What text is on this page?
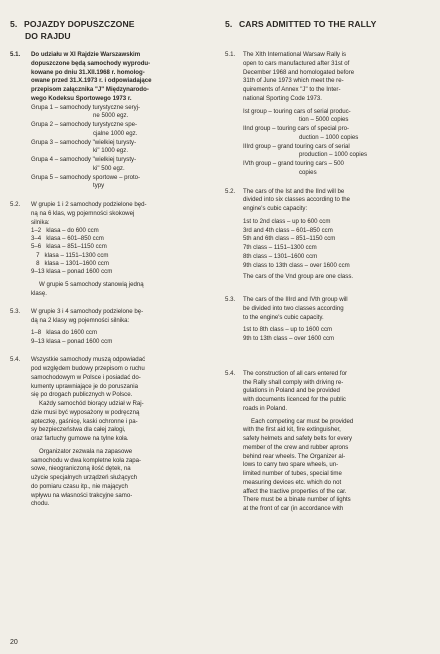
5. POJAZDY DOPUSZCZONE
DO RAJDU
5.1. Do udziału w XI Rajdzie Warszawskim
dopuszczone będą samochody wyprodu-
kowane po dniu 31.XII.1968 r. homolog-
owane przed 31.X.1973 r. i odpowiadające
przepisom załącznika "J" Międzynarodo-
wego Kodeksu Sportowego 1973 r.
Grupa 1 – samochody turystyczne seryj-
ne 5000 egz.
Grupa 2 – samochody turystyczne spe-
cjalne 1000 egz.
Grupa 3 – samochody "wielkiej turysty-
ki" 1000 egz.
Grupa 4 – samochody "wielkiej turysty-
ki" 500 egz.
Grupa 5 – samochody sportowe – proto-
typy
5.2. W grupie 1 i 2 samochody podzielone będ-
ną na 6 klas, wg pojemności skokowej
silnika:
1–2   klasa – do 600 ccm
3–4   klasa – 601–850 ccm
5–6   klasa – 851–1150 ccm
7   klasa – 1151–1300 ccm
8   klasa – 1301–1600 ccm
9–13 klasa – ponad 1600 ccm
W grupie 5 samochody stanowią jedną
klasę.
5.3. W grupie 3 i 4 samochody podzielone bę-
dą na 2 klasy wg pojemności silnika:
1–8   klasa do 1600 ccm
9–13 klasa – ponad 1600 ccm
5.4. Wszystkie samochody muszą odpowiadać
pod względem budowy przepisom o ruchu
samochodowym w Polsce i posiadać do-
kumenty uprawniające je do poruszania
się po drogach publicznych w Polsce.
Każdy samochód biorący udział w Raj-
dzie musi być wyposażony w podręczną
apteczkę, gaśnicę, kaski ochronne i pa-
sy bezpieczeństwa dla całej załogi,
oraz fartuchy gumowe na tylne koła.
Organizator zezwala na zapasowe
samochodu w dwa kompletne koła zapa-
sowe, nieograniczoną ilość dętek, na
użycie specjalnych urządzeń służących
do pomiaru czasu itp., nie mających
wpływu na własności trakcyjne samo-
chodu.
5. CARS ADMITTED TO THE RALLY
5.1. The XIth International Warsaw Rally is
open to cars manufactured after 31st of
December 1968 and homologated before
31th of June 1973 which meet the re-
quirements of Annex "J" to the Inter-
national Sporting Code 1973.
Ist group – touring cars of serial produc-
tion – 5000 copies
IInd group – touring cars of special pro-
duction – 1000 copies
IIIrd group – grand touring cars of serial
production – 1000 copies
IVth group – grand touring cars – 500
copies
5.2. The cars of the Ist and the IInd will be
divided into six classes according to the
engine's cubic capacity:
1st to 2nd class – up to 600 ccm
3rd and 4th class – 601–850 ccm
5th and 6th class – 851–1150 ccm
7th class – 1151–1300 ccm
8th class – 1301–1600 ccm
9th class to 13th class – over 1600 ccm
The cars of the Vnd group are one class.
5.3. The cars of the IIIrd and IVth group will
be divided into two classes according
to the engine's cubic capacity.
1st to 8th class – up to 1600 ccm
9th to 13th class – over 1600 ccm
5.4. The construction of all cars entered for
the Rally shall comply with driving re-
gulations in Poland and be provided
with documents licenced for the public
roads in Poland.
Each competing car must be provided
with the first aid kit, fire extinguisher,
safety helmets and safety belts for every
member of the crew and rubber aprons
behind rear wheels. The Organizer al-
lows to carry two spare wheels, un-
limited number of tubes, special time
measuring devices etc. which do not
affect the tractive properties of the car.
There must be a binate number of lights
at the front of car (in accordance with
20
